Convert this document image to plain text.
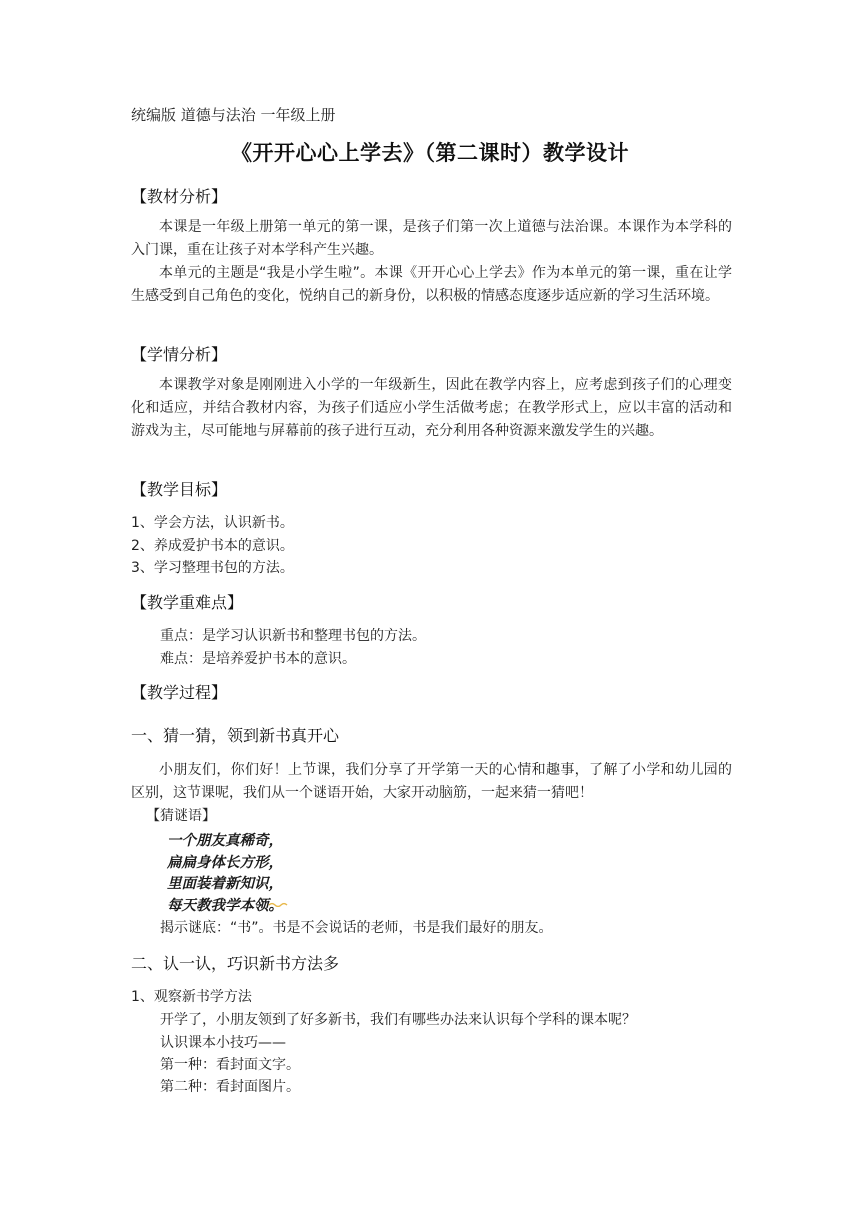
统编版 道德与法治 一年级上册
《开开心心上学去》（第二课时）教学设计
【教材分析】
本课是一年级上册第一单元的第一课，是孩子们第一次上道德与法治课。本课作为本学科的入门课，重在让孩子对本学科产生兴趣。
本单元的主题是“我是小学生啦”。本课《开开心心上学去》作为本单元的第一课，重在让学生感受到自己角色的变化，悦纳自己的新身份，以积极的情感态度逐步适应新的学习生活环境。
【学情分析】
本课教学对象是刚刚进入小学的一年级新生，因此在教学内容上，应考虑到孩子们的心理变化和适应，并结合教材内容，为孩子们适应小学生活做考虑；在教学形式上，应以丰富的活动和游戏为主，尽可能地与屏幕前的孩子进行互动，充分利用各种资源来激发学生的兴趣。
【教学目标】
1、学会方法，认识新书。
2、养成爱护书本的意识。
3、学习整理书包的方法。
【教学重难点】
重点：是学习认识新书和整理书包的方法。
难点：是培养爱护书本的意识。
【教学过程】
一、猜一猜，领到新书真开心
小朋友们，你们好！上节课，我们分享了开学第一天的心情和趣事，了解了小学和幼儿园的区别，这节课呢，我们从一个谜语开始，大家开动脑筋，一起来猜一猜吧！
【猜谜语】
一个朋友真稀奇，
扁扁身体长方形，
里面装着新知识，
每天教我学本领。
揭示谜底：“书”。书是不会说话的老师，书是我们最好的朋友。
二、认一认，巧识新书方法多
1、观察新书学方法
开学了，小朋友领到了好多新书，我们有哪些办法来认识每个学科的课本呢？
认识课本小技巧——
第一种：看封面文字。
第二种：看封面图片。
